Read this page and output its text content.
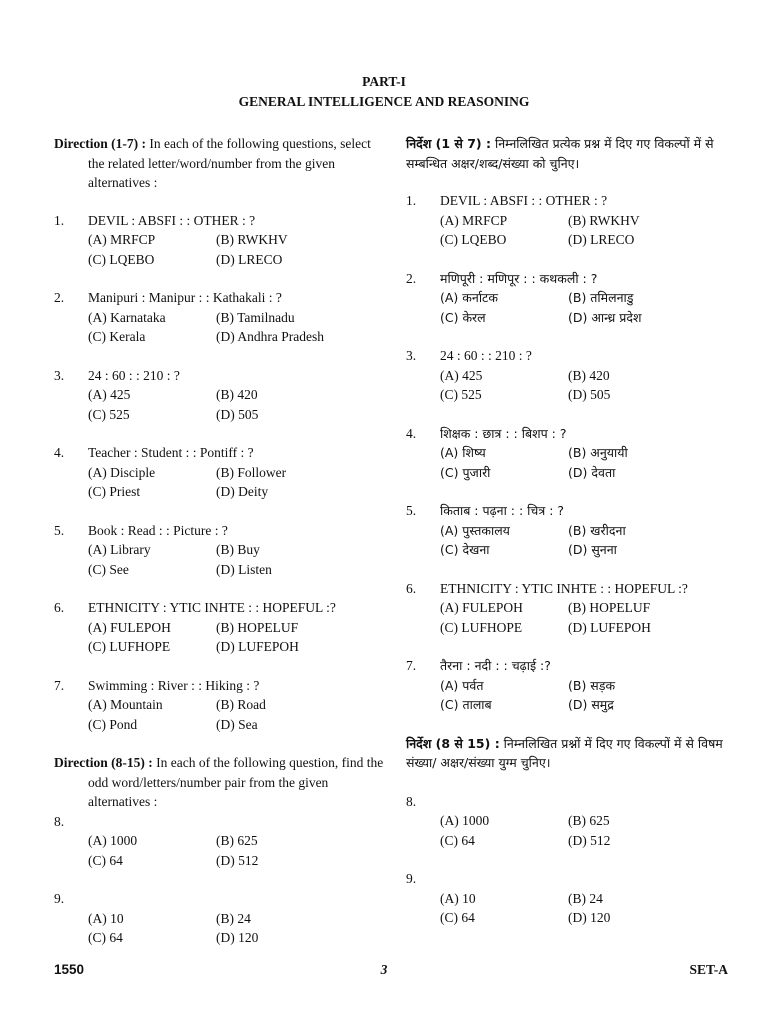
PART-I
GENERAL INTELLIGENCE AND REASONING
Direction (1-7) : In each of the following questions, select the related letter/word/number from the given alternatives :
1.	DEVIL : ABSFI : : OTHER : ?
(A) MRFCP	(B) RWKHV
(C) LQEBO	(D) LRECO
2.	Manipuri : Manipur : : Kathakali : ?
(A) Karnataka	(B) Tamilnadu
(C) Kerala	(D) Andhra Pradesh
3.	24 : 60 : : 210 : ?
(A) 425	(B) 420
(C) 525	(D) 505
4.	Teacher : Student : : Pontiff : ?
(A) Disciple	(B) Follower
(C) Priest	(D) Deity
5.	Book : Read : : Picture : ?
(A) Library	(B) Buy
(C) See	(D) Listen
6.	ETHNICITY : YTIC INHTE : : HOPEFUL :?
(A) FULEPOH	(B) HOPELUF
(C) LUFHOPE	(D) LUFEPOH
7.	Swimming : River : : Hiking : ?
(A) Mountain	(B) Road
(C) Pond	(D) Sea
Direction (8-15) : In each of the following question, find the odd word/letters/number pair from the given alternatives :
8.
(A) 1000	(B) 625
(C) 64	(D) 512
9.
(A) 10	(B) 24
(C) 64	(D) 120
निर्देश (1 से 7) : निम्नलिखित प्रत्येक प्रश्न में दिए गए विकल्पों में से सम्बन्धित अक्षर/शब्द/संख्या को चुनिए।
1.	DEVIL : ABSFI : : OTHER : ?
(A) MRFCP	(B) RWKHV
(C) LQEBO	(D) LRECO
2.	मणिपूरी : मणिपूर : : कथकली : ?
(A) कर्नाटक	(B) तमिलनाडु
(C) केरल	(D) आन्ध्र प्रदेश
3.	24 : 60 : : 210 : ?
(A) 425	(B) 420
(C) 525	(D) 505
4.	शिक्षक : छात्र : : बिशप : ?
(A) शिष्य	(B) अनुयायी
(C) पुजारी	(D) देवता
5.	किताब : पढ़ना : : चित्र : ?
(A) पुस्तकालय	(B) खरीदना
(C) देखना	(D) सुनना
6.	ETHNICITY : YTIC INHTE : : HOPEFUL :?
(A) FULEPOH	(B) HOPELUF
(C) LUFHOPE	(D) LUFEPOH
7.	तैरना : नदी : : चढ़ाई :?
(A) पर्वत	(B) सड़क
(C) तालाब	(D) समुद्र
निर्देश (8 से 15) : निम्नलिखित प्रश्नों में दिए गए विकल्पों में से विषम संख्या/ अक्षर/संख्या युग्म चुनिए।
8.
(A) 1000	(B) 625
(C) 64	(D) 512
9.
(A) 10	(B) 24
(C) 64	(D) 120
1550	3	SET-A
